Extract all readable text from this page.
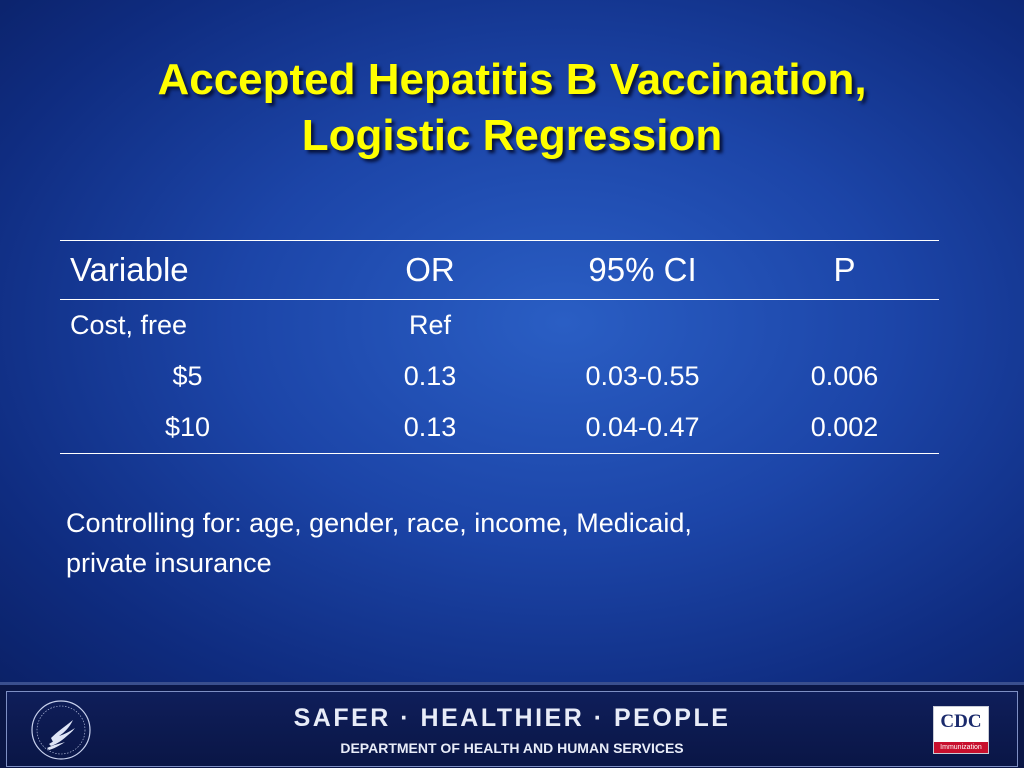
Accepted Hepatitis B Vaccination,
Logistic Regression
Variable	OR	95% CI	P
Cost, free	Ref		
$5	0.13	0.03-0.55	0.006
$10	0.13	0.04-0.47	0.002
Controlling for: age, gender, race, income, Medicaid,
private insurance
SAFER · HEALTHIER · PEOPLE
DEPARTMENT OF HEALTH AND HUMAN SERVICES
CDC
Immunization
